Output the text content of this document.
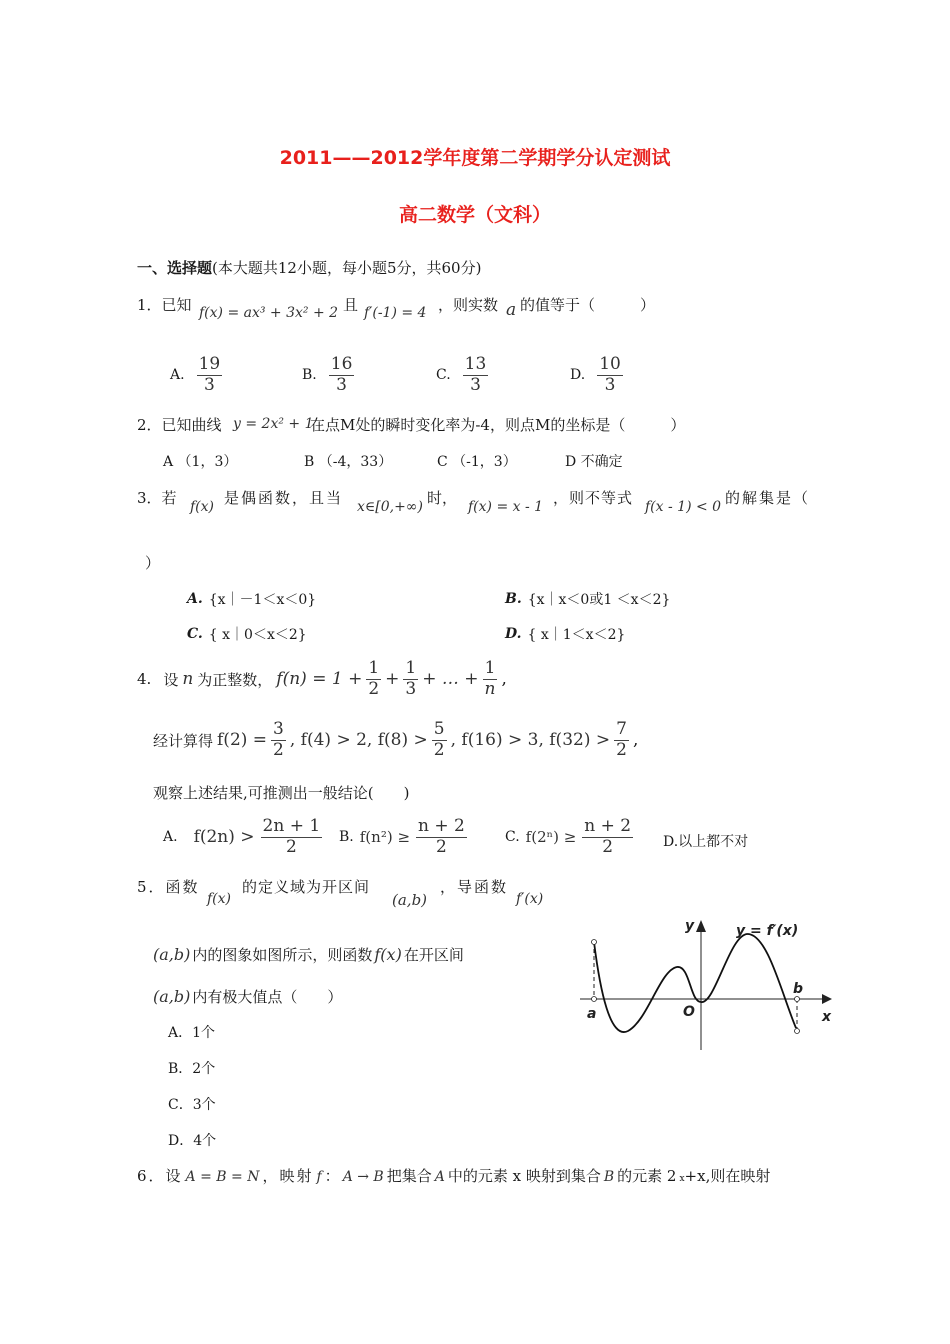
2011——2012学年度第二学期学分认定测试
高二数学（文科）
一、选择题(本大题共12小题，每小题5分，共60分)
1．已知 f(x) = ax³ + 3x² + 2 且 f′(-1) = 4 ，则实数 a 的值等于（　　　）
A. $\frac{19}{3}$	B. $\frac{16}{3}$	C. $\frac{13}{3}$	D. $\frac{10}{3}$
2．已知曲线 y = 2x² + 1
在点M处的瞬时变化率为-4，则点M的坐标是（　　　）
A （1，3）	B （-4，33）	C （-1，3）	D 不确定
3．若 f(x) 是偶函数，且当 x∈[0,+∞) 时， f(x) = x - 1 ，则不等式 f(x - 1) < 0 的解集是（
）
A. {x｜－1＜x＜0}	B. {x｜x＜0或1 ＜x＜2}
C. { x｜0＜x＜2}	D. { x｜1＜x＜2}
4. 设 n 为正整数， $f(n) = 1 + \frac{1}{2} + \frac{1}{3}$ + … + $\frac{1}{n}$ ,
经计算得 $f(2) = \frac{3}{2}$ , f(4) > 2, $f(8) > \frac{5}{2}$ , f(16) > 3, $f(32) > \frac{7}{2}$ ,
观察上述结果,可推测出一般结论(　　)
A. $f(2n) > \frac{2n + 1}{2} B$. $f(n^2) \ge \frac{n + 2}{2}$	C. $f(2^n) \ge \frac{n + 2}{2} D$.以上都不对
5．函数
f(x)
的定义域为开区间
(a,b)
，导函数
f′(x)
(a,b) 内的图象如图所示，则函数 f(x) 在开区间
(a,b) 内有极大值点（　　）
A．1个
B．2个
C．3个
D．4个
y	y = f′(x)
a	O
b
x
6．设 A = B = N ，映射 f ： A → B 把集合 A 中的元素 x 映射到集合 B 的元素 2 $_x$ +x,则在映射
